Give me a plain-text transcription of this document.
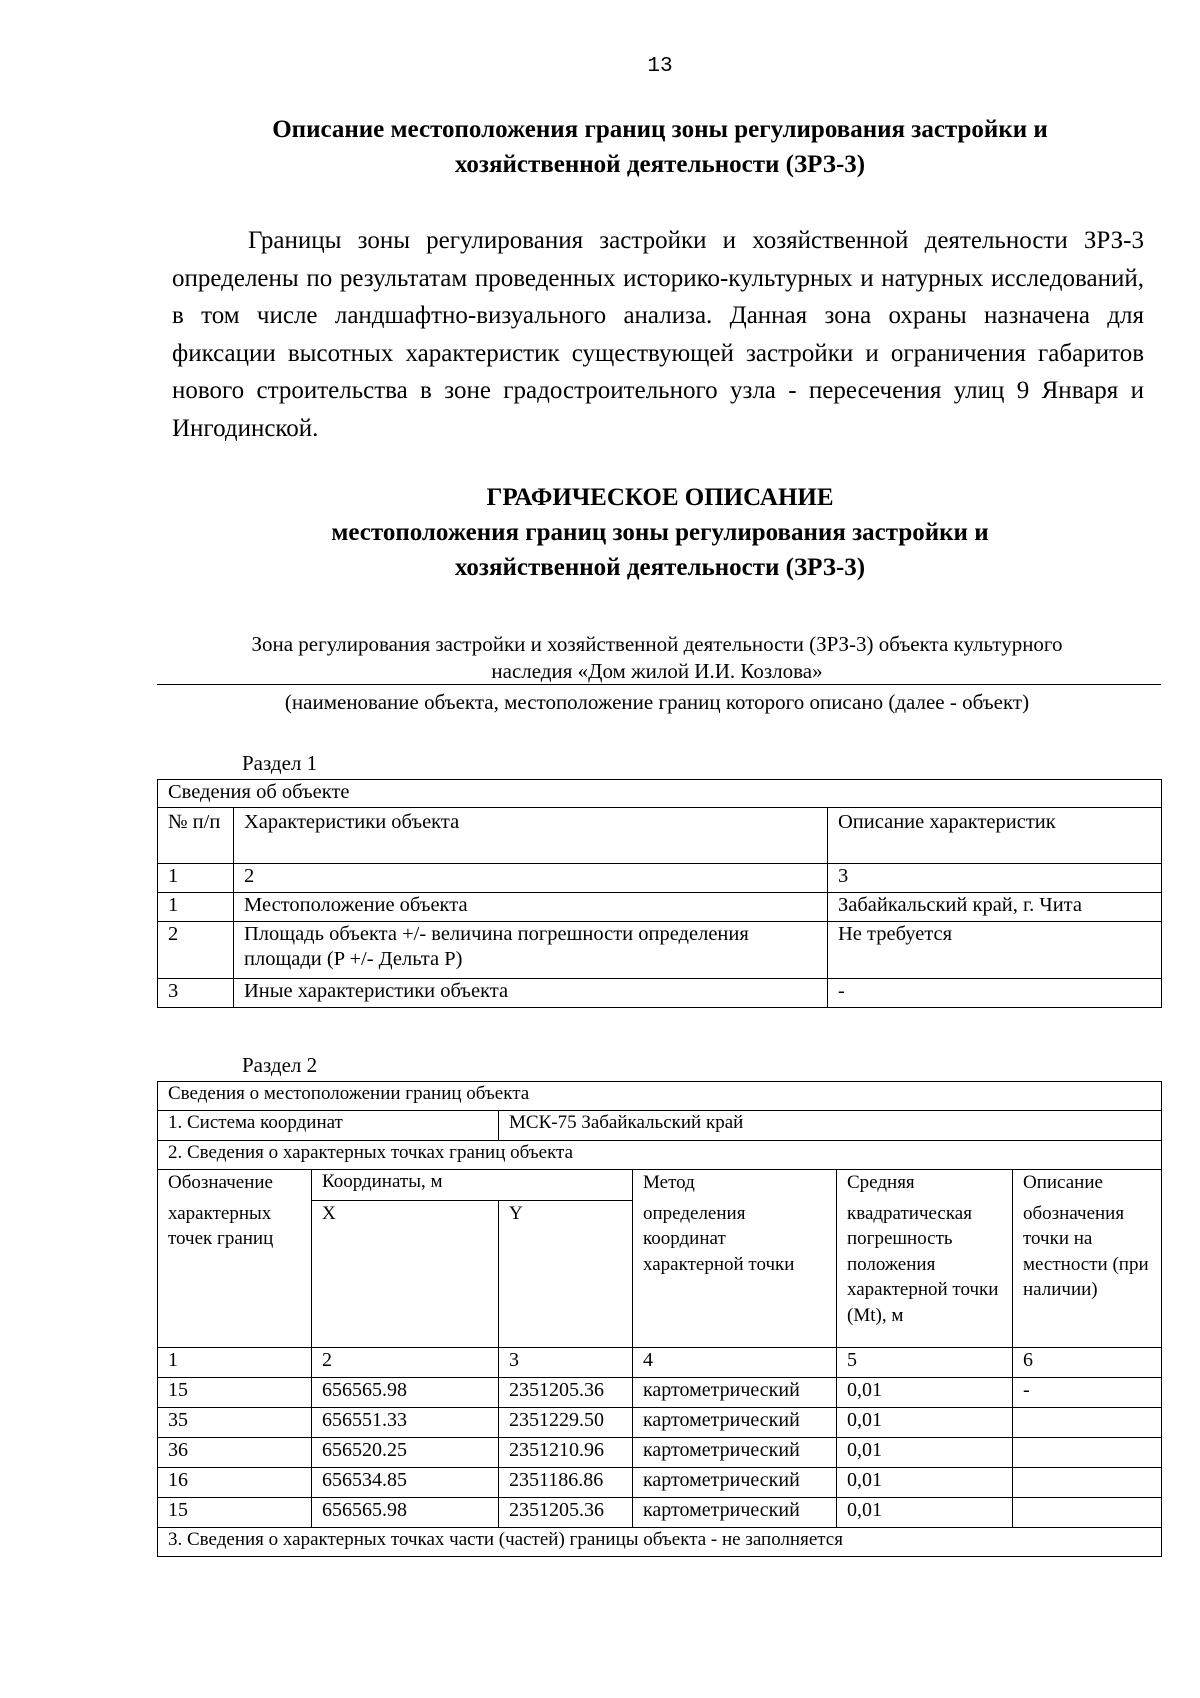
13
Описание местоположения границ зоны регулирования застройки и
хозяйственной деятельности (ЗРЗ-3)

Границы зоны регулирования застройки и хозяйственной деятельности ЗРЗ-3 определены по результатам проведенных историко-культурных и натурных исследований, в том числе ландшафтно-визуального анализа. Данная зона охраны назначена для фиксации высотных характеристик существующей застройки и ограничения габаритов нового строительства в зоне градостроительного узла - пересечения улиц 9 Января и Ингодинской.

ГРАФИЧЕСКОЕ ОПИСАНИЕ
местоположения границ зоны регулирования застройки и
хозяйственной деятельности (ЗРЗ-3)
Зона регулирования застройки и хозяйственной деятельности (ЗРЗ-3) объекта культурного
наследия «Дом жилой И.И. Козлова»
(наименование объекта, местоположение границ которого описано (далее - объект)
Раздел 1
Сведения об объекте		
№ п/п	Характеристики объекта	Описание характеристик
1	2	3
1	Местоположение объекта	Забайкальский край, г. Чита
2	Площадь объекта +/- величина погрешности определения площади (P +/- Дельта P)	Не требуется
3	Иные характеристики объекта	-
Раздел 2
Сведения о местоположении границ объекта					
1. Система координат		МСК-75 Забайкальский край			
2. Сведения о характерных точках границ объекта					
Обозначение	Координаты, м		Метод	Средняя	Описание
характерных точек границ	X	Y	определения координат характерной точки	квадратическая погрешность положения характерной точки (Mt), м	обозначения точки на местности (при наличии)
1	2	3	4	5	6
15	656565.98	2351205.36	картометрический	0,01	-
35	656551.33	2351229.50	картометрический	0,01	
36	656520.25	2351210.96	картометрический	0,01	
16	656534.85	2351186.86	картометрический	0,01	
15	656565.98	2351205.36	картометрический	0,01	
3. Сведения о характерных точках части (частей) границы объекта - не заполняется					
